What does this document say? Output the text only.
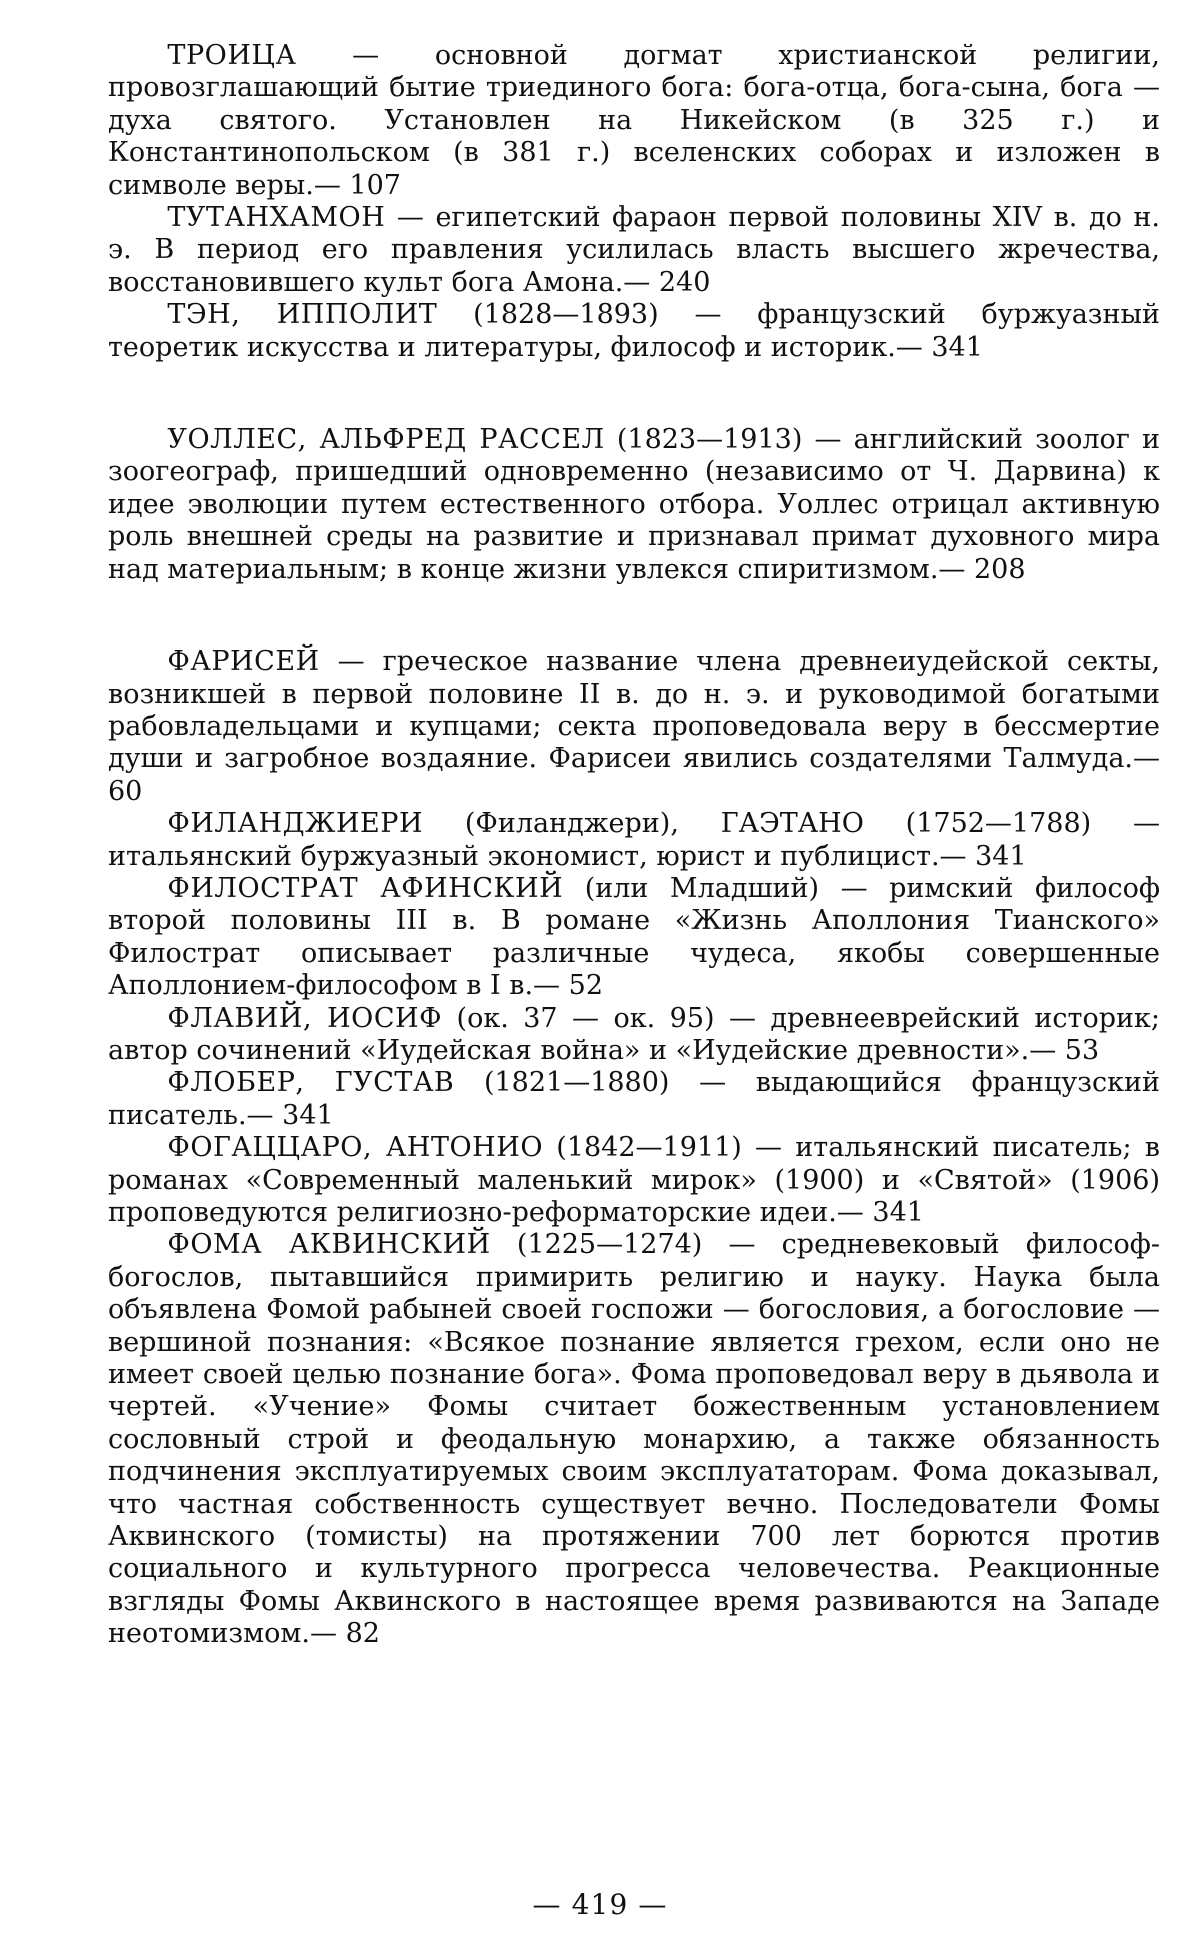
ТРОИЦА — основной догмат христианской религии, провозглашающий бытие триединого бога: бога-отца, бога-сына, бога — духа святого. Установлен на Никейском (в 325 г.) и Константинопольском (в 381 г.) вселенских соборах и изложен в символе веры.— 107

ТУТАНХАМОН — египетский фараон первой половины XIV в. до н. э. В период его правления усилилась власть высшего жречества, восстановившего культ бога Амона.— 240

ТЭН, ИППОЛИТ (1828—1893) — французский буржуазный теоретик искусства и литературы, философ и историк.— 341

УОЛЛЕС, АЛЬФРЕД РАССЕЛ (1823—1913) — английский зоолог и зоогеограф, пришедший одновременно (независимо от Ч. Дарвина) к идее эволюции путем естественного отбора. Уоллес отрицал активную роль внешней среды на развитие и признавал примат духовного мира над материальным; в конце жизни увлекся спиритизмом.— 208

ФАРИСЕЙ — греческое название члена древнеиудейской секты, возникшей в первой половине II в. до н. э. и руководимой богатыми рабовладельцами и купцами; секта проповедовала веру в бессмертие души и загробное воздаяние. Фарисеи явились создателями Талмуда.— 60

ФИЛАНДЖИЕРИ (Филанджери), ГАЭТАНО (1752—1788) — итальянский буржуазный экономист, юрист и публицист.— 341

ФИЛОСТРАТ АФИНСКИЙ (или Младший) — римский философ второй половины III в. В романе «Жизнь Аполлония Тианского» Филострат описывает различные чудеса, якобы совершенные Аполлонием-философом в I в.— 52

ФЛАВИЙ, ИОСИФ (ок. 37 — ок. 95) — древнееврейский историк; автор сочинений «Иудейская война» и «Иудейские древности».— 53

ФЛОБЕР, ГУСТАВ (1821—1880) — выдающийся французский писатель.— 341

ФОГАЦЦАРО, АНТОНИО (1842—1911) — итальянский писатель; в романах «Современный маленький мирок» (1900) и «Святой» (1906) проповедуются религиозно-реформаторские идеи.— 341

ФОМА АКВИНСКИЙ (1225—1274) — средневековый философ-богослов, пытавшийся примирить религию и науку. Наука была объявлена Фомой рабыней своей госпожи — богословия, а богословие — вершиной познания: «Всякое познание является грехом, если оно не имеет своей целью познание бога». Фома проповедовал веру в дьявола и чертей. «Учение» Фомы считает божественным установлением сословный строй и феодальную монархию, а также обязанность подчинения эксплуатируемых своим эксплуататорам. Фома доказывал, что частная собственность существует вечно. Последователи Фомы Аквинского (томисты) на протяжении 700 лет борются против социального и культурного прогресса человечества. Реакционные взгляды Фомы Аквинского в настоящее время развиваются на Западе неотомизмом.— 82

— 419 —
